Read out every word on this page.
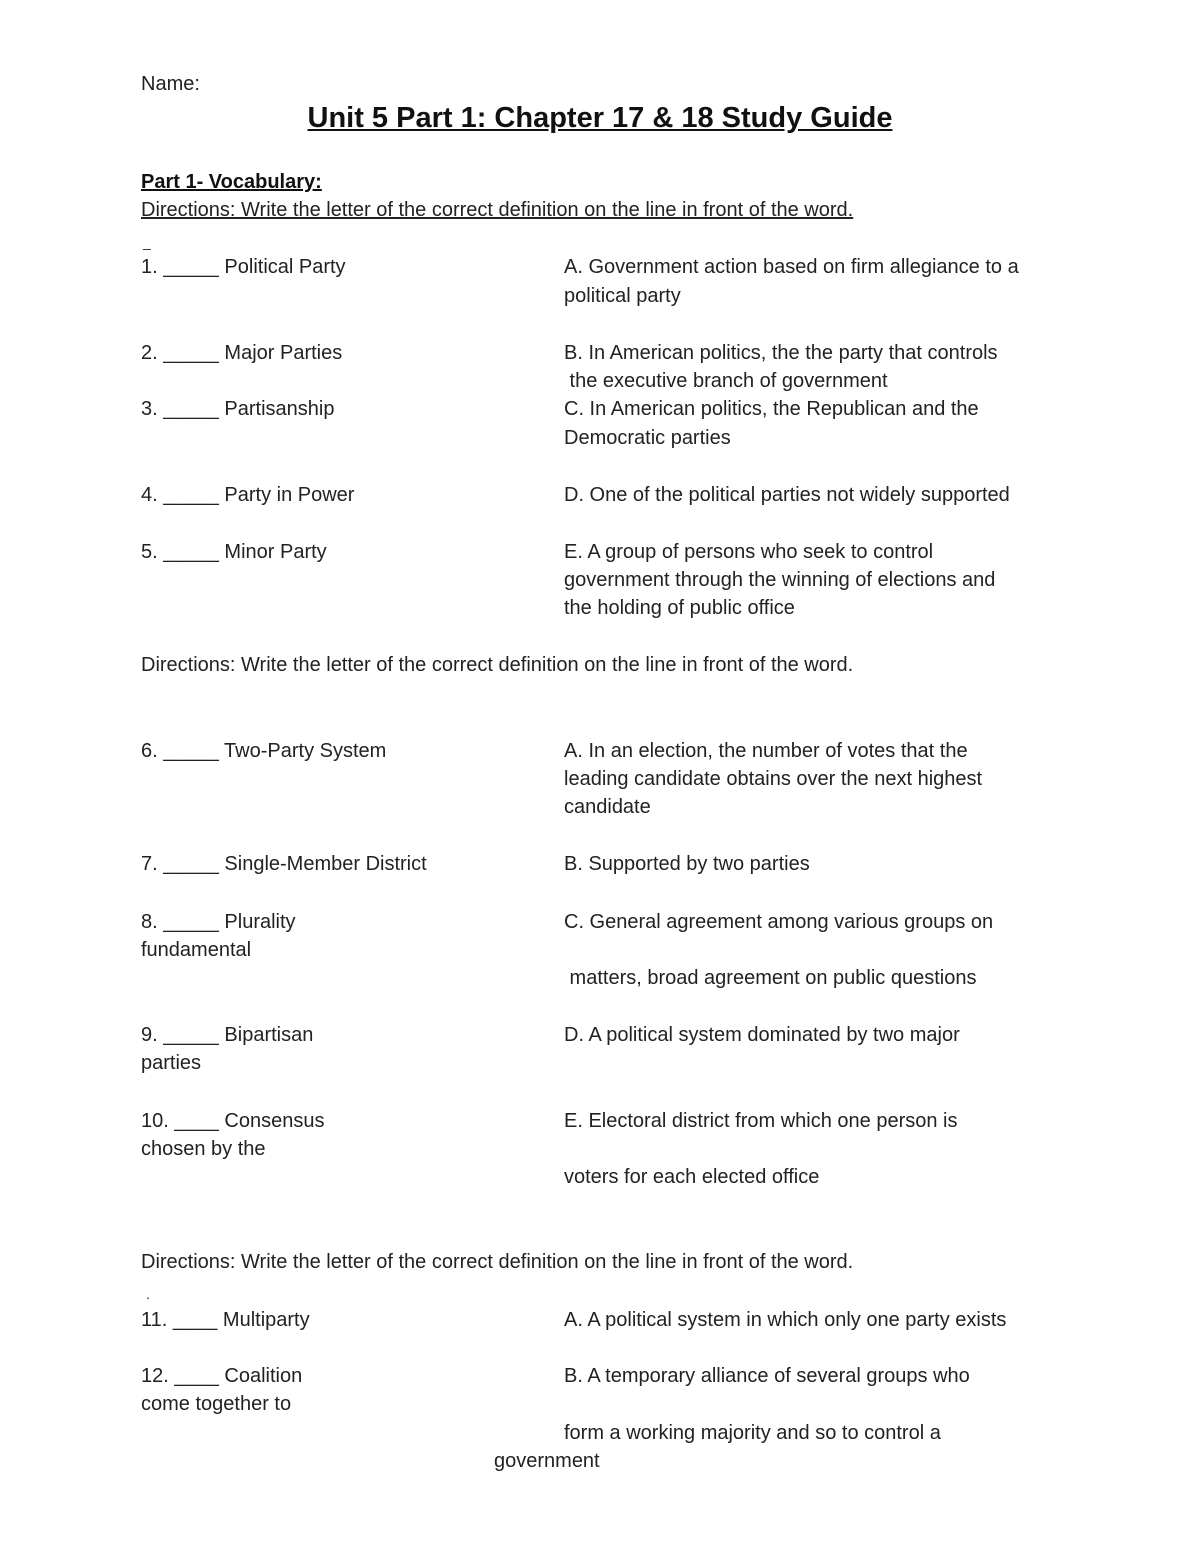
Name:
Unit 5 Part 1: Chapter 17 & 18 Study Guide
Part 1- Vocabulary:
Directions: Write the letter of the correct definition on the line in front of the word.
_
1. _____ Political Party
2. _____ Major Parties
3. _____ Partisanship
4. _____ Party in Power
5. _____ Minor Party
A. Government action based on firm allegiance to a
political party
B. In American politics, the the party that controls
the executive branch of government
C. In American politics, the Republican and the
Democratic parties
D. One of the political parties not widely supported
E. A group of persons who seek to control
government through the winning of elections and
the holding of public office
Directions: Write the letter of the correct definition on the line in front of the word.
6. _____ Two-Party System
7. _____ Single-Member District
8. _____ Plurality
fundamental
9. _____ Bipartisan
parties
10. ____ Consensus
chosen by the
A. In an election, the number of votes that the
leading candidate obtains over the next highest
candidate
B. Supported by two parties
C. General agreement among various groups on
matters, broad agreement on public questions
D. A political system dominated by two major
E. Electoral district from which one person is
voters for each elected office
Directions: Write the letter of the correct definition on the line in front of the word.
.
11. ____ Multiparty
12. ____ Coalition
come together to
A. A political system in which only one party exists
B. A temporary alliance of several groups who
form a working majority and so to control a
government
